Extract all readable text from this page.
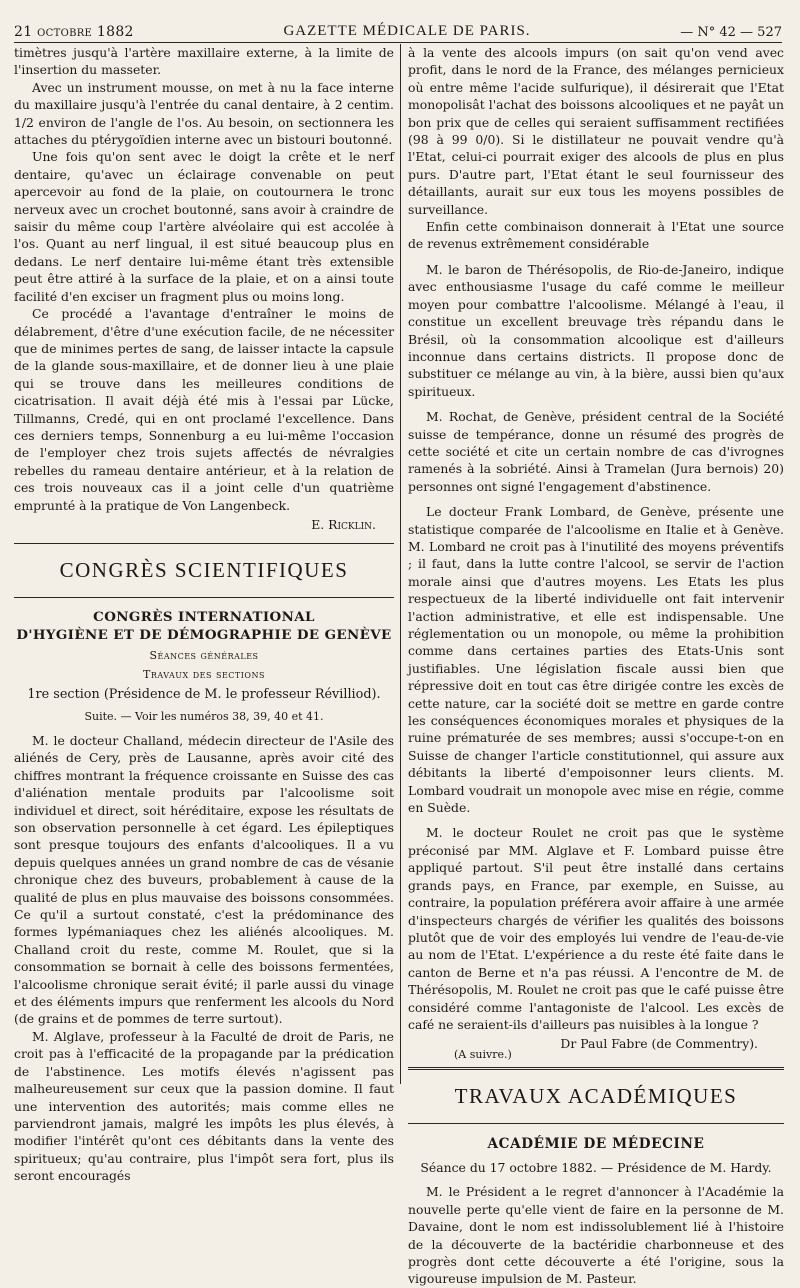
21 octobre 1882	GAZETTE MÉDICALE DE PARIS.	— N° 42 — 527

timètres jusqu'à l'artère maxillaire externe, à la limite de l'insertion du masseter.

Avec un instrument mousse, on met à nu la face interne du maxillaire jusqu'à l'entrée du canal dentaire, à 2 centim. 1/2 environ de l'angle de l'os. Au besoin, on sectionnera les attaches du ptérygoïdien interne avec un bistouri boutonné.

Une fois qu'on sent avec le doigt la crête et le nerf dentaire, qu'avec un éclairage convenable on peut apercevoir au fond de la plaie, on coutournera le tronc nerveux avec un crochet boutonné, sans avoir à craindre de saisir du même coup l'artère alvéolaire qui est accolée à l'os. Quant au nerf lingual, il est situé beaucoup plus en dedans. Le nerf dentaire lui-même étant très extensible peut être attiré à la surface de la plaie, et on a ainsi toute facilité d'en exciser un fragment plus ou moins long.

Ce procédé a l'avantage d'entraîner le moins de délabrement, d'être d'une exécution facile, de ne nécessiter que de minimes pertes de sang, de laisser intacte la capsule de la glande sous-maxillaire, et de donner lieu à une plaie qui se trouve dans les meilleures conditions de cicatrisation. Il avait déjà été mis à l'essai par Lücke, Tillmanns, Credé, qui en ont proclamé l'excellence. Dans ces derniers temps, Sonnenburg a eu lui-même l'occasion de l'employer chez trois sujets affectés de névralgies rebelles du rameau dentaire antérieur, et à la relation de ces trois nouveaux cas il a joint celle d'un quatrième emprunté à la pratique de Von Langenbeck.

E. Ricklin.
CONGRÈS SCIENTIFIQUES
CONGRÈS INTERNATIONAL
D'HYGIÈNE ET DE DÉMOGRAPHIE DE GENÈVE
Séances générales
Travaux des sections
1re section (Présidence de M. le professeur Révilliod).
Suite. — Voir les numéros 38, 39, 40 et 41.

M. le docteur Challand, médecin directeur de l'Asile des aliénés de Cery, près de Lausanne, après avoir cité des chiffres montrant la fréquence croissante en Suisse des cas d'aliénation mentale produits par l'alcoolisme soit individuel et direct, soit héréditaire, expose les résultats de son observation personnelle à cet égard. Les épileptiques sont presque toujours des enfants d'alcooliques. Il a vu depuis quelques années un grand nombre de cas de vésanie chronique chez des buveurs, probablement à cause de la qualité de plus en plus mauvaise des boissons consommées. Ce qu'il a surtout constaté, c'est la prédominance des formes lypémaniaques chez les aliénés alcooliques. M. Challand croit du reste, comme M. Roulet, que si la consommation se bornait à celle des boissons fermentées, l'alcoolisme chronique serait évité; il parle aussi du vinage et des éléments impurs que renferment les alcools du Nord (de grains et de pommes de terre surtout).

M. Alglave, professeur à la Faculté de droit de Paris, ne croit pas à l'efficacité de la propagande par la prédication de l'abstinence. Les motifs élevés n'agissent pas malheureusement sur ceux que la passion domine. Il faut une intervention des autorités; mais comme elles ne parviendront jamais, malgré les impôts les plus élevés, à modifier l'intérêt qu'ont ces débitants dans la vente des spiritueux; qu'au contraire, plus l'impôt sera fort, plus ils seront encouragés

à la vente des alcools impurs (on sait qu'on vend avec profit, dans le nord de la France, des mélanges pernicieux où entre même l'acide sulfurique), il désirerait que l'Etat monopolisât l'achat des boissons alcooliques et ne payât un bon prix que de celles qui seraient suffisamment rectifiées (98 à 99 0/0). Si le distillateur ne pouvait vendre qu'à l'Etat, celui-ci pourrait exiger des alcools de plus en plus purs. D'autre part, l'Etat étant le seul fournisseur des détaillants, aurait sur eux tous les moyens possibles de surveillance.

Enfin cette combinaison donnerait à l'Etat une source de revenus extrêmement considérable

M. le baron de Thérésopolis, de Rio-de-Janeiro, indique avec enthousiasme l'usage du café comme le meilleur moyen pour combattre l'alcoolisme. Mélangé à l'eau, il constitue un excellent breuvage très répandu dans le Brésil, où la consommation alcoolique est d'ailleurs inconnue dans certains districts. Il propose donc de substituer ce mélange au vin, à la bière, aussi bien qu'aux spiritueux.

M. Rochat, de Genève, président central de la Société suisse de tempérance, donne un résumé des progrès de cette société et cite un certain nombre de cas d'ivrognes ramenés à la sobriété. Ainsi à Tramelan (Jura bernois) 20) personnes ont signé l'engagement d'abstinence.

Le docteur Frank Lombard, de Genève, présente une statistique comparée de l'alcoolisme en Italie et à Genève. M. Lombard ne croit pas à l'inutilité des moyens préventifs ; il faut, dans la lutte contre l'alcool, se servir de l'action morale ainsi que d'autres moyens. Les Etats les plus respectueux de la liberté individuelle ont fait intervenir l'action administrative, et elle est indispensable. Une réglementation ou un monopole, ou même la prohibition comme dans certaines parties des Etats-Unis sont justifiables. Une législation fiscale aussi bien que répressive doit en tout cas être dirigée contre les excès de cette nature, car la société doit se mettre en garde contre les conséquences économiques morales et physiques de la ruine prématurée de ses membres; aussi s'occupe-t-on en Suisse de changer l'article constitutionnel, qui assure aux débitants la liberté d'empoisonner leurs clients. M. Lombard voudrait un monopole avec mise en régie, comme en Suède.

M. le docteur Roulet ne croit pas que le système préconisé par MM. Alglave et F. Lombard puisse être appliqué partout. S'il peut être installé dans certains grands pays, en France, par exemple, en Suisse, au contraire, la population préférera avoir affaire à une armée d'inspecteurs chargés de vérifier les qualités des boissons plutôt que de voir des employés lui vendre de l'eau-de-vie au nom de l'Etat. L'expérience a du reste été faite dans le canton de Berne et n'a pas réussi. A l'encontre de M. de Thérésopolis, M. Roulet ne croit pas que le café puisse être considéré comme l'antagoniste de l'alcool. Les excès de café ne seraient-ils d'ailleurs pas nuisibles à la longue ?

Dr Paul Fabre (de Commentry).
(A suivre.)
TRAVAUX ACADÉMIQUES
ACADÉMIE DE MÉDECINE
Séance du 17 octobre 1882. — Présidence de M. Hardy.

M. le Président a le regret d'annoncer à l'Académie la nouvelle perte qu'elle vient de faire en la personne de M. Davaine, dont le nom est indissolublement lié à l'histoire de la découverte de la bactéridie charbonneuse et des progrès dont cette découverte a été l'origine, sous la vigoureuse impulsion de M. Pasteur.
